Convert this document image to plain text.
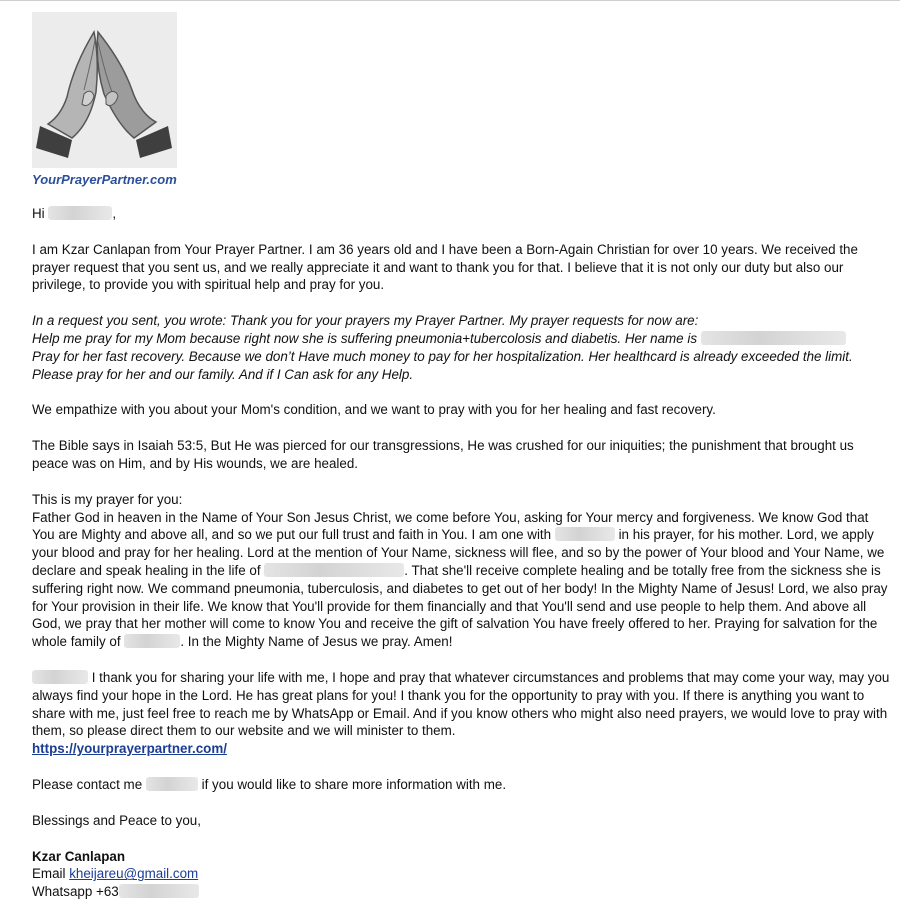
YourPrayerPartner.com

Hi	,

I am Kzar Canlapan from Your Prayer Partner. I am 36 years old and I have been a Born-Again Christian for over 10 years. We received the prayer request that you sent us, and we really appreciate it and want to thank you for that. I believe that it is not only our duty but also our privilege, to provide you with spiritual help and pray for you.

In a request you sent, you wrote: Thank you for your prayers my Prayer Partner. My prayer requests for now are:
Help me pray for my Mom because right now she is suffering pneumonia+tubercolosis and diabetis. Her name is
Pray for her fast recovery. Because we don’t Have much money to pay for her hospitalization. Her healthcard is already exceeded the limit. Please pray for her and our family. And if I Can ask for any Help.

We empathize with you about your Mom's condition, and we want to pray with you for her healing and fast recovery.

The Bible says in Isaiah 53:5, But He was pierced for our transgressions, He was crushed for our iniquities; the punishment that brought us peace was on Him, and by His wounds, we are healed.

This is my prayer for you:
Father God in heaven in the Name of Your Son Jesus Christ, we come before You, asking for Your mercy and forgiveness. We know God that You are Mighty and above all, and so we put our full trust and faith in You. I am one with	in his prayer, for his mother. Lord, we apply your blood and pray for her healing. Lord at the mention of Your Name, sickness will flee, and so by the power of Your blood and Your Name, we declare and speak healing in the life of	. That she'll receive complete healing and be totally free from the sickness she is suffering right now. We command pneumonia, tuberculosis, and diabetes to get out of her body! In the Mighty Name of Jesus! Lord, we also pray for Your provision in their life. We know that You'll provide for them financially and that You'll send and use people to help them. And above all God, we pray that her mother will come to know You and receive the gift of salvation You have freely offered to her. Praying for salvation for the whole family of	. In the Mighty Name of Jesus we pray. Amen!

I thank you for sharing your life with me, I hope and pray that whatever circumstances and problems that may come your way, may you always find your hope in the Lord. He has great plans for you! I thank you for the opportunity to pray with you. If there is anything you want to share with me, just feel free to reach me by WhatsApp or Email. And if you know others who might also need prayers, we would love to pray with them, so please direct them to our website and we will minister to them.
https://yourprayerpartner.com/

Please contact me	if you would like to share more information with me.

Blessings and Peace to you,

Kzar Canlapan
Email kheijareu@gmail.com
Whatsapp +63
